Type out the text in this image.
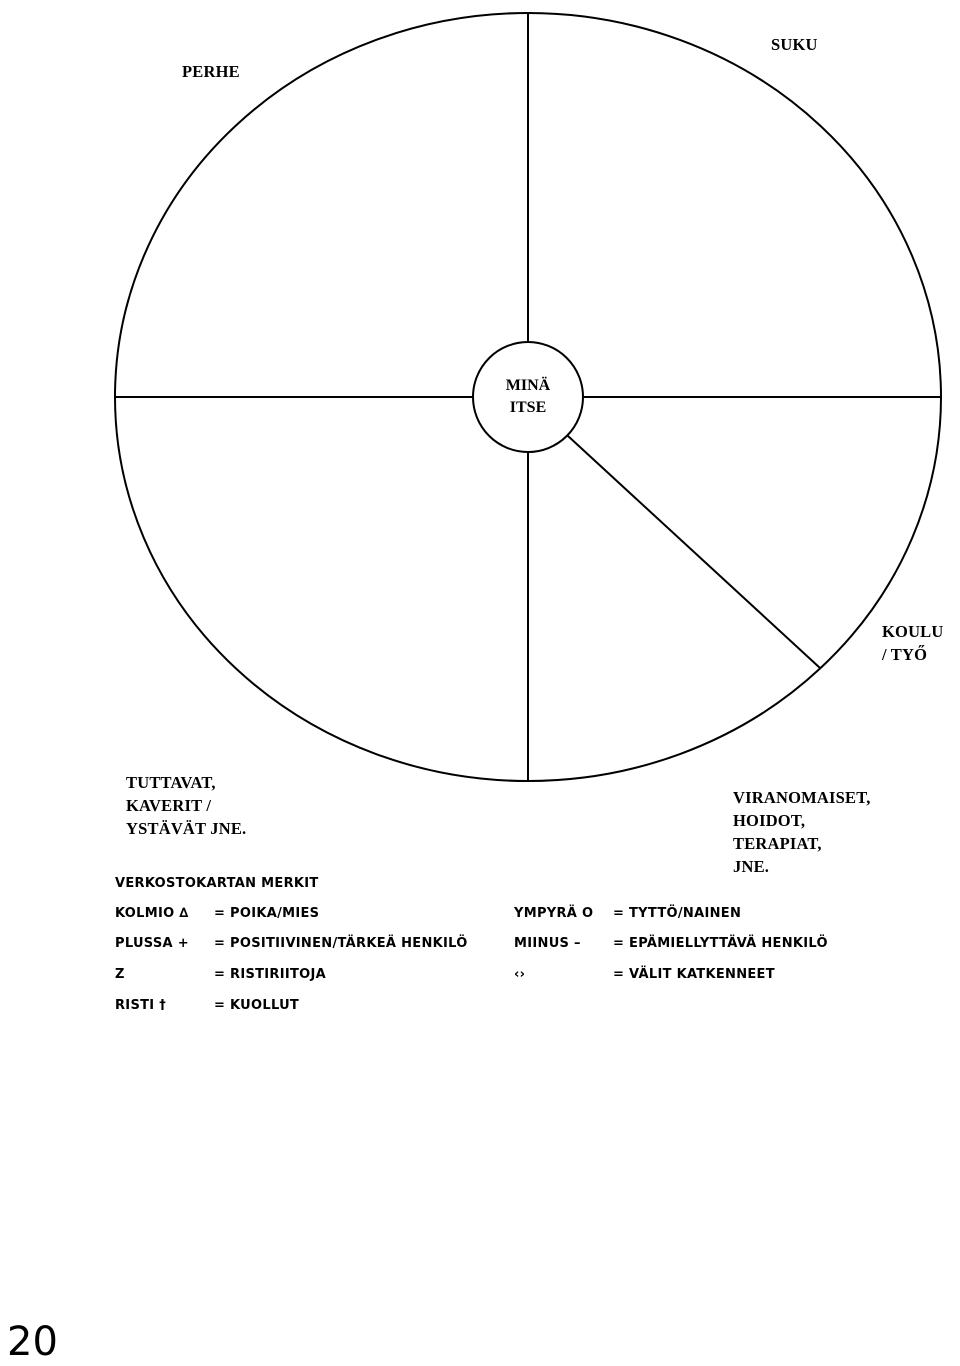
MINÄ
ITSE
PERHE
SUKU
KOULU
/ TYŐ
TUTTAVAT,
KAVERIT /
YSTÄVÄT JNE.
VIRANOMAISET,
HOIDOT,
TERAPIAT,
JNE.
VERKOSTOKARTAN MERKIT
KOLMIO ∆ = POIKA/MIES	YMPYRÄ O = TYTTÖ/NAINEN
PLUSSA + = POSITIIVINEN/TÄRKEÄ HENKILÖ	MIINUS – = EPÄMIELLYTTÄVÄ HENKILÖ
Z	= RISTIRIITOJA	‹›	= VÄLIT KATKENNEET
RISTI †	= KUOLLUT
20
